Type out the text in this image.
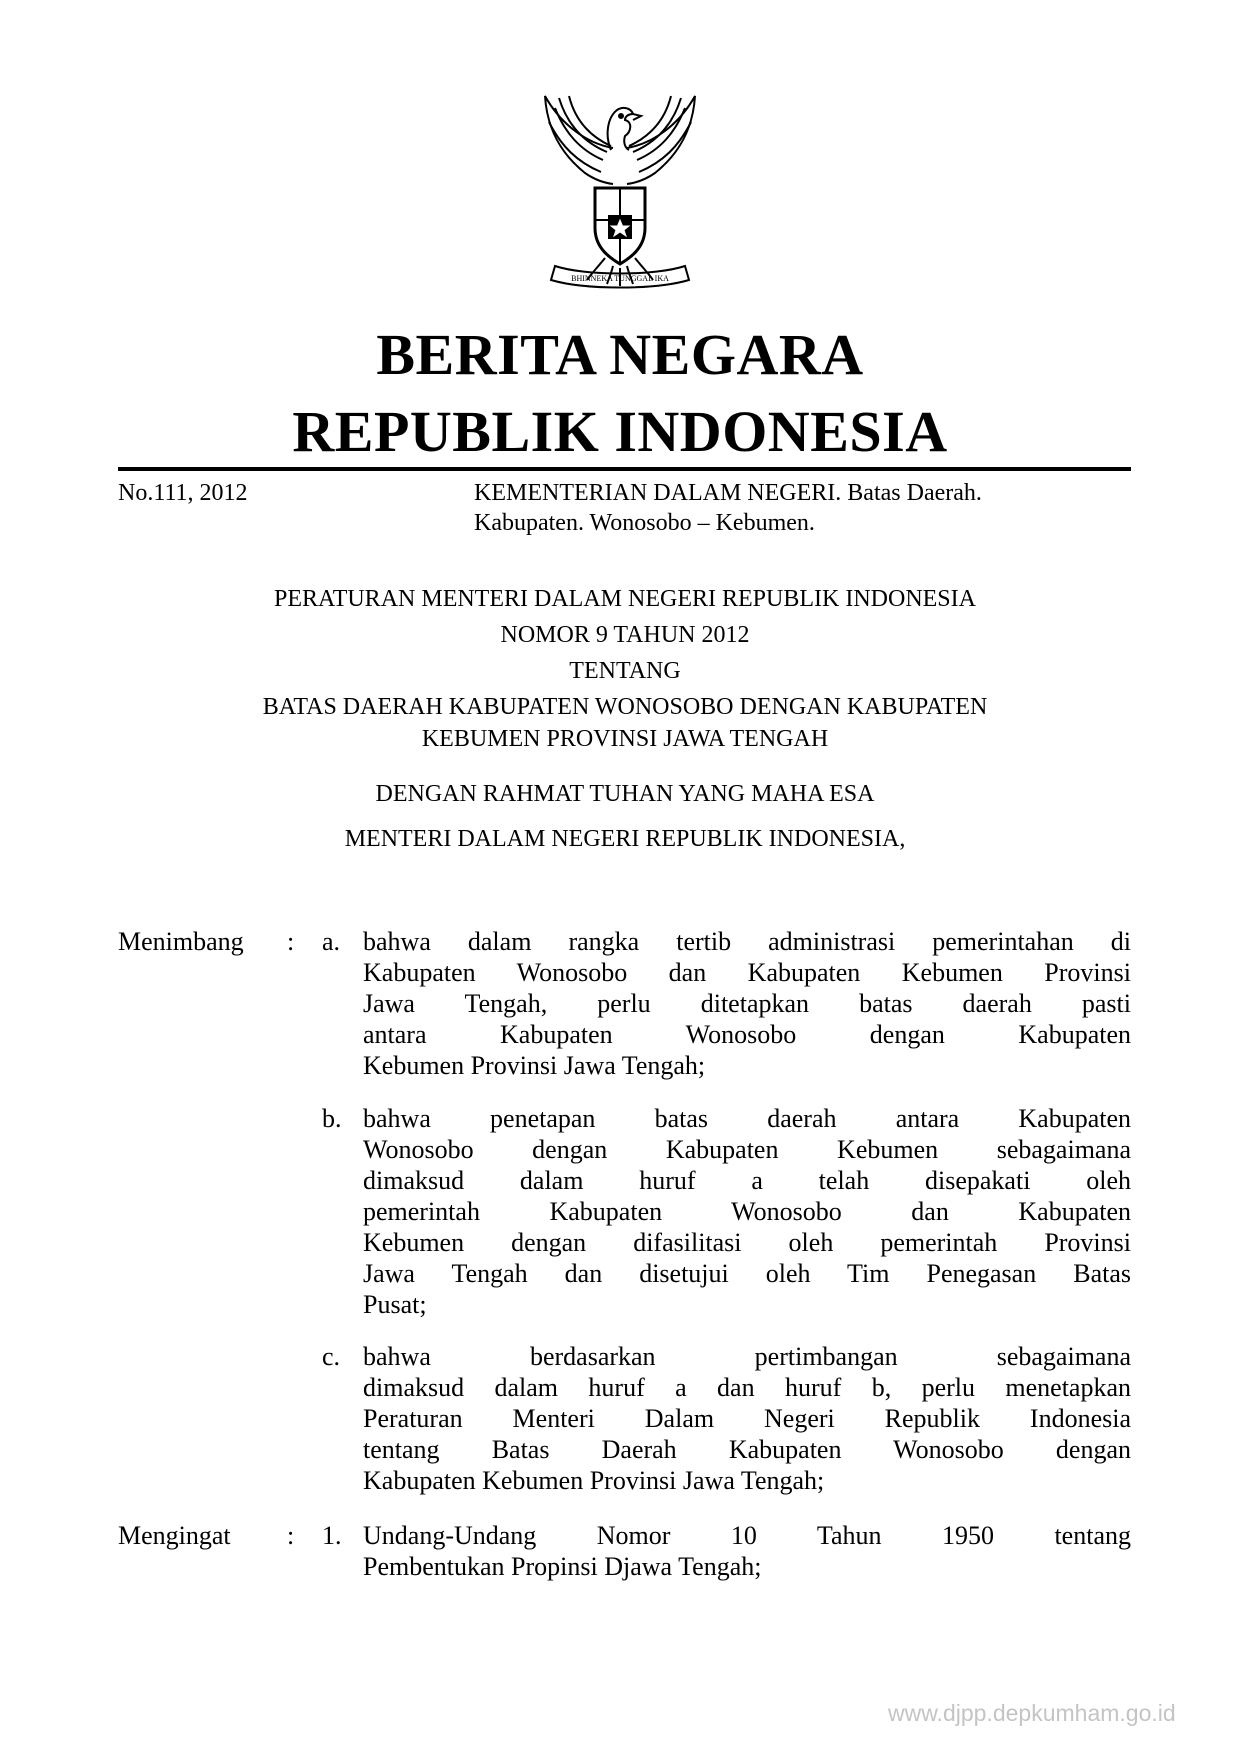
BHINNEKA TUNGGAL IKA
BERITA NEGARA
REPUBLIK INDONESIA
No.111, 2012	KEMENTERIAN DALAM NEGERI. Batas Daerah.
Kabupaten. Wonosobo – Kebumen.
PERATURAN MENTERI DALAM NEGERI REPUBLIK INDONESIA
NOMOR 9 TAHUN 2012
TENTANG
BATAS DAERAH KABUPATEN WONOSOBO DENGAN KABUPATEN
KEBUMEN PROVINSI JAWA TENGAH
DENGAN RAHMAT TUHAN YANG MAHA ESA
MENTERI DALAM NEGERI REPUBLIK INDONESIA,
Menimbang : a. bahwa dalam rangka tertib administrasi pemerintahan di
Kabupaten Wonosobo dan Kabupaten Kebumen Provinsi
Jawa Tengah, perlu ditetapkan batas daerah pasti
antara Kabupaten Wonosobo dengan Kabupaten
Kebumen Provinsi Jawa Tengah;
b. bahwa penetapan batas daerah antara Kabupaten
Wonosobo dengan Kabupaten Kebumen sebagaimana
dimaksud dalam huruf a telah disepakati oleh
pemerintah Kabupaten Wonosobo dan Kabupaten
Kebumen dengan difasilitasi oleh pemerintah Provinsi
Jawa Tengah dan disetujui oleh Tim Penegasan Batas
Pusat;
c. bahwa berdasarkan pertimbangan sebagaimana
dimaksud dalam huruf a dan huruf b, perlu menetapkan
Peraturan Menteri Dalam Negeri Republik Indonesia
tentang Batas Daerah Kabupaten Wonosobo dengan
Kabupaten Kebumen Provinsi Jawa Tengah;
Mengingat : 1. Undang-Undang Nomor 10 Tahun 1950 tentang
Pembentukan Propinsi Djawa Tengah;
www.djpp.depkumham.go.id
